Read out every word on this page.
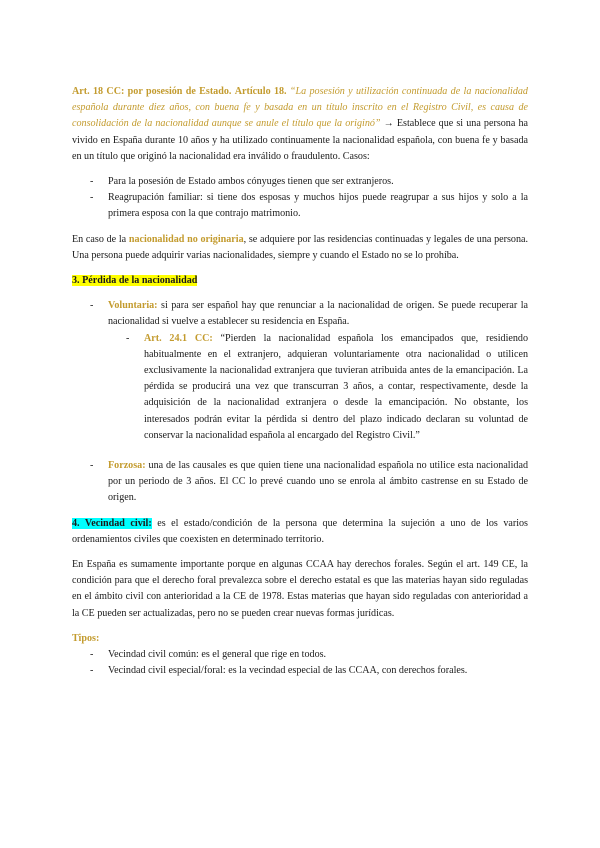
Art. 18 CC: por posesión de Estado. Artículo 18. “La posesión y utilización continuada de la nacionalidad española durante diez años, con buena fe y basada en un título inscrito en el Registro Civil, es causa de consolidación de la nacionalidad aunque se anule el título que la originó” → Establece que si una persona ha vivido en España durante 10 años y ha utilizado continuamente la nacionalidad española, con buena fe y basada en un título que originó la nacionalidad era inválido o fraudulento. Casos:

- Para la posesión de Estado ambos cónyuges tienen que ser extranjeros.
- Reagrupación familiar: si tiene dos esposas y muchos hijos puede reagrupar a sus hijos y solo a la primera esposa con la que contrajo matrimonio.

En caso de la nacionalidad no originaria, se adquiere por las residencias continuadas y legales de una persona. Una persona puede adquirir varias nacionalidades, siempre y cuando el Estado no se lo prohíba.

3. Pérdida de la nacionalidad

- Voluntaria: si para ser español hay que renunciar a la nacionalidad de origen. Se puede recuperar la nacionalidad si vuelve a establecer su residencia en España.
- Art. 24.1 CC: “Pierden la nacionalidad española los emancipados que, residiendo habitualmente en el extranjero, adquieran voluntariamente otra nacionalidad o utilicen exclusivamente la nacionalidad extranjera que tuvieran atribuida antes de la emancipación. La pérdida se producirá una vez que transcurran 3 años, a contar, respectivamente, desde la adquisición de la nacionalidad extranjera o desde la emancipación. No obstante, los interesados podrán evitar la pérdida si dentro del plazo indicado declaran su voluntad de conservar la nacionalidad española al encargado del Registro Civil.”
- Forzosa: una de las causales es que quien tiene una nacionalidad española no utilice esta nacionalidad por un periodo de 3 años. El CC lo prevé cuando uno se enrola al ámbito castrense en su Estado de origen.

4. Vecindad civil: es el estado/condición de la persona que determina la sujeción a uno de los varios ordenamientos civiles que coexisten en determinado territorio.

En España es sumamente importante porque en algunas CCAA hay derechos forales. Según el art. 149 CE, la condición para que el derecho foral prevalezca sobre el derecho estatal es que las materias hayan sido reguladas en el ámbito civil con anterioridad a la CE de 1978. Estas materias que hayan sido reguladas con anterioridad a la CE pueden ser actualizadas, pero no se pueden crear nuevas formas jurídicas.

Tipos:

- Vecindad civil común: es el general que rige en todos.
- Vecindad civil especial/foral: es la vecindad especial de las CCAA, con derechos forales.
